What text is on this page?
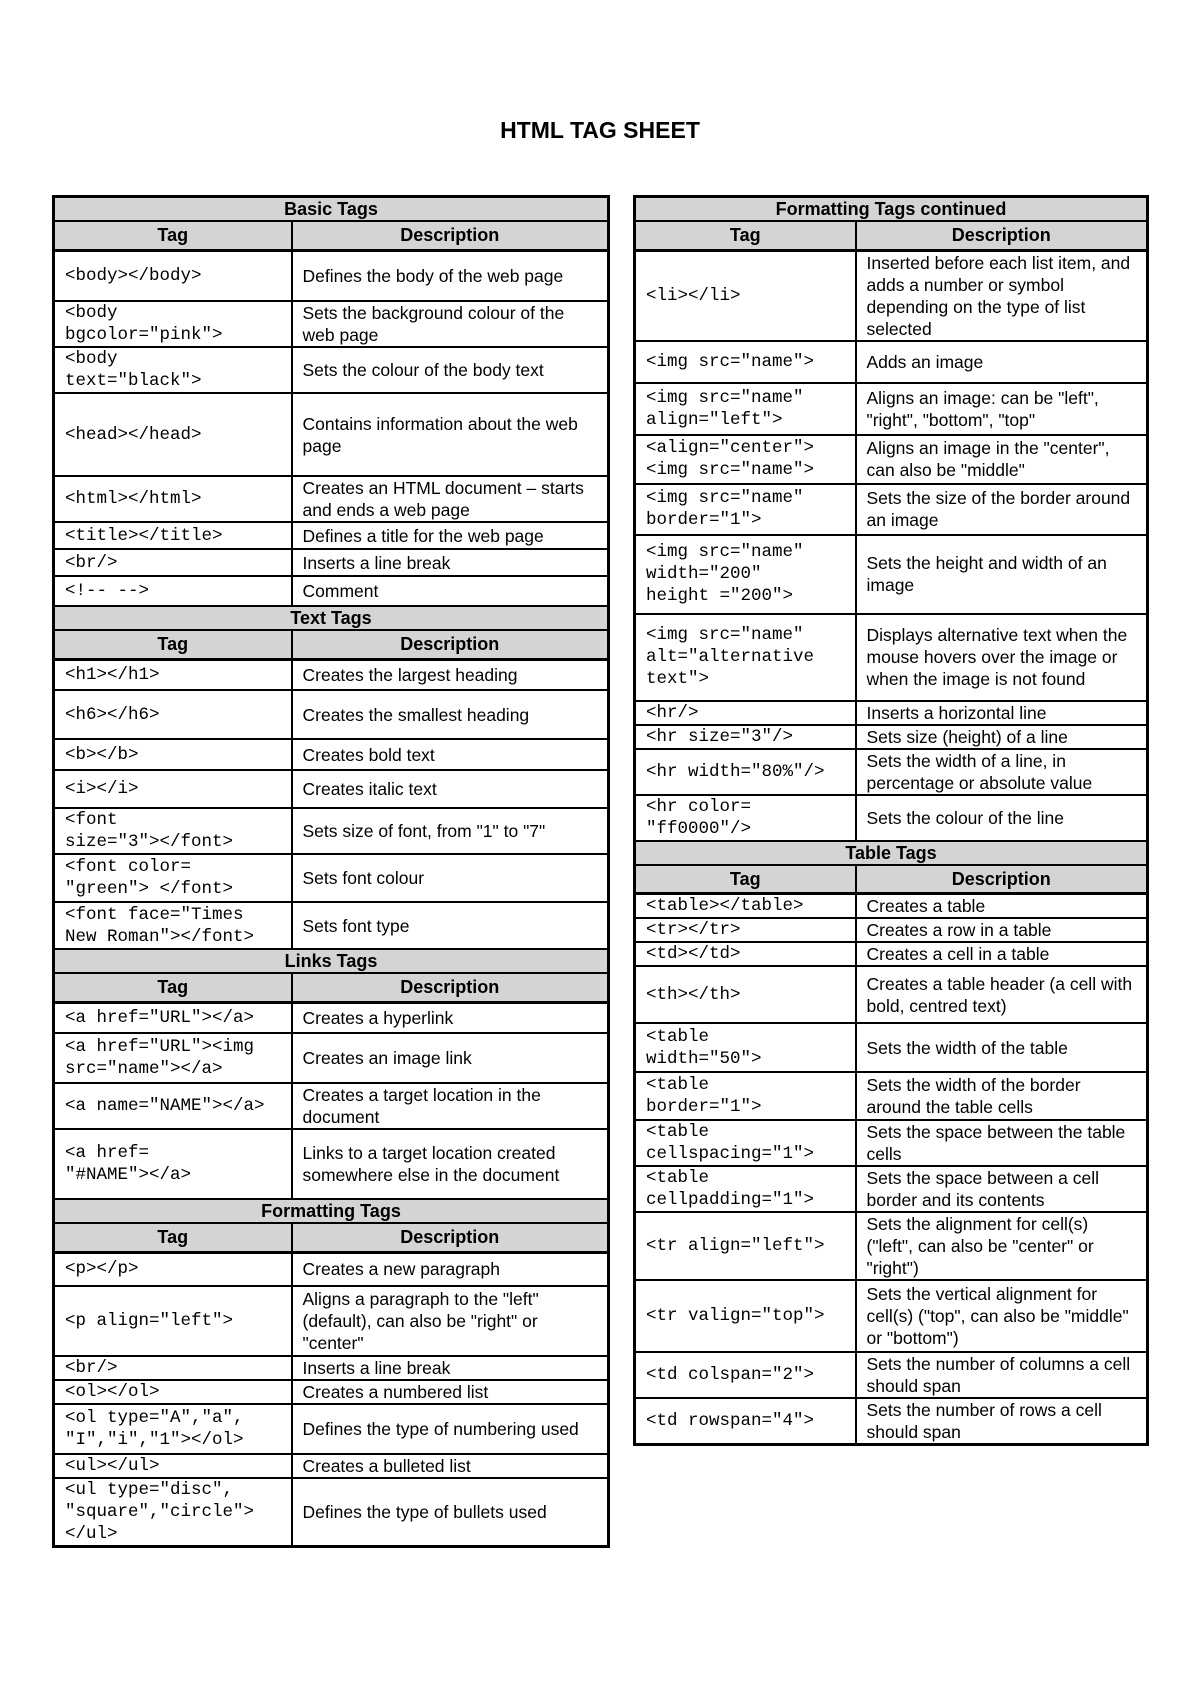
HTML TAG SHEET
Basic Tags	
Tag	Description
<body></body>	Defines the body of the web page
<body
bgcolor="pink">	Sets the background colour of the web page
<body
text="black">	Sets the colour of the body text
<head></head>	Contains information about the web page
<html></html>	Creates an HTML document – starts and ends a web page
<title></title>	Defines a title for the web page
<br/>	Inserts a line break
<!-- -->	Comment
Text Tags	
Tag	Description
<h1></h1>	Creates the largest heading
<h6></h6>	Creates the smallest heading
<b></b>	Creates bold text
<i></i>	Creates italic text
<font
size="3"></font>	Sets size of font, from "1" to "7"
<font color=
"green"> </font>	Sets font colour
<font face="Times
New Roman"></font>	Sets font type
Links Tags	
Tag	Description
<a href="URL"></a>	Creates a hyperlink
<a href="URL"><img
src="name"></a>	Creates an image link
<a name="NAME"></a>	Creates a target location in the document
<a href=
"#NAME"></a>	Links to a target location created somewhere else in the document
Formatting Tags	
Tag	Description
<p></p>	Creates a new paragraph
<p align="left">	Aligns a paragraph to the "left" (default), can also be "right" or "center"
<br/>	Inserts a line break
<ol></ol>	Creates a numbered list
<ol type="A","a",
"I","i","1"></ol>	Defines the type of numbering used
<ul></ul>	Creates a bulleted list
<ul type="disc",
"square","circle">
</ul>	Defines the type of bullets used
Formatting Tags continued	
Tag	Description
<li></li>	Inserted before each list item, and adds a number or symbol depending on the type of list selected
<img src="name">	Adds an image
<img src="name"
align="left">	Aligns an image: can be "left", "right", "bottom", "top"
<align="center">
<img src="name">	Aligns an image in the "center", can also be "middle"
<img src="name"
border="1">	Sets the size of the border around an image
<img src="name"
width="200"
height ="200">	Sets the height and width of an image
<img src="name"
alt="alternative
text">	Displays alternative text when the mouse hovers over the image or when the image is not found
<hr/>	Inserts a horizontal line
<hr size="3"/>	Sets size (height) of a line
<hr width="80%"/>	Sets the width of a line, in percentage or absolute value
<hr color=
"ff0000"/>	Sets the colour of the line
Table Tags	
Tag	Description
<table></table>	Creates a table
<tr></tr>	Creates a row in a table
<td></td>	Creates a cell in a table
<th></th>	Creates a table header (a cell with bold, centred text)
<table
width="50">	Sets the width of the table
<table
border="1">	Sets the width of the border around the table cells
<table
cellspacing="1">	Sets the space between the table cells
<table
cellpadding="1">	Sets the space between a cell border and its contents
<tr align="left">	Sets the alignment for cell(s) ("left", can also be "center" or "right")
<tr valign="top">	Sets the vertical alignment for cell(s) ("top", can also be "middle" or "bottom")
<td colspan="2">	Sets the number of columns a cell should span
<td rowspan="4">	Sets the number of rows a cell should span
